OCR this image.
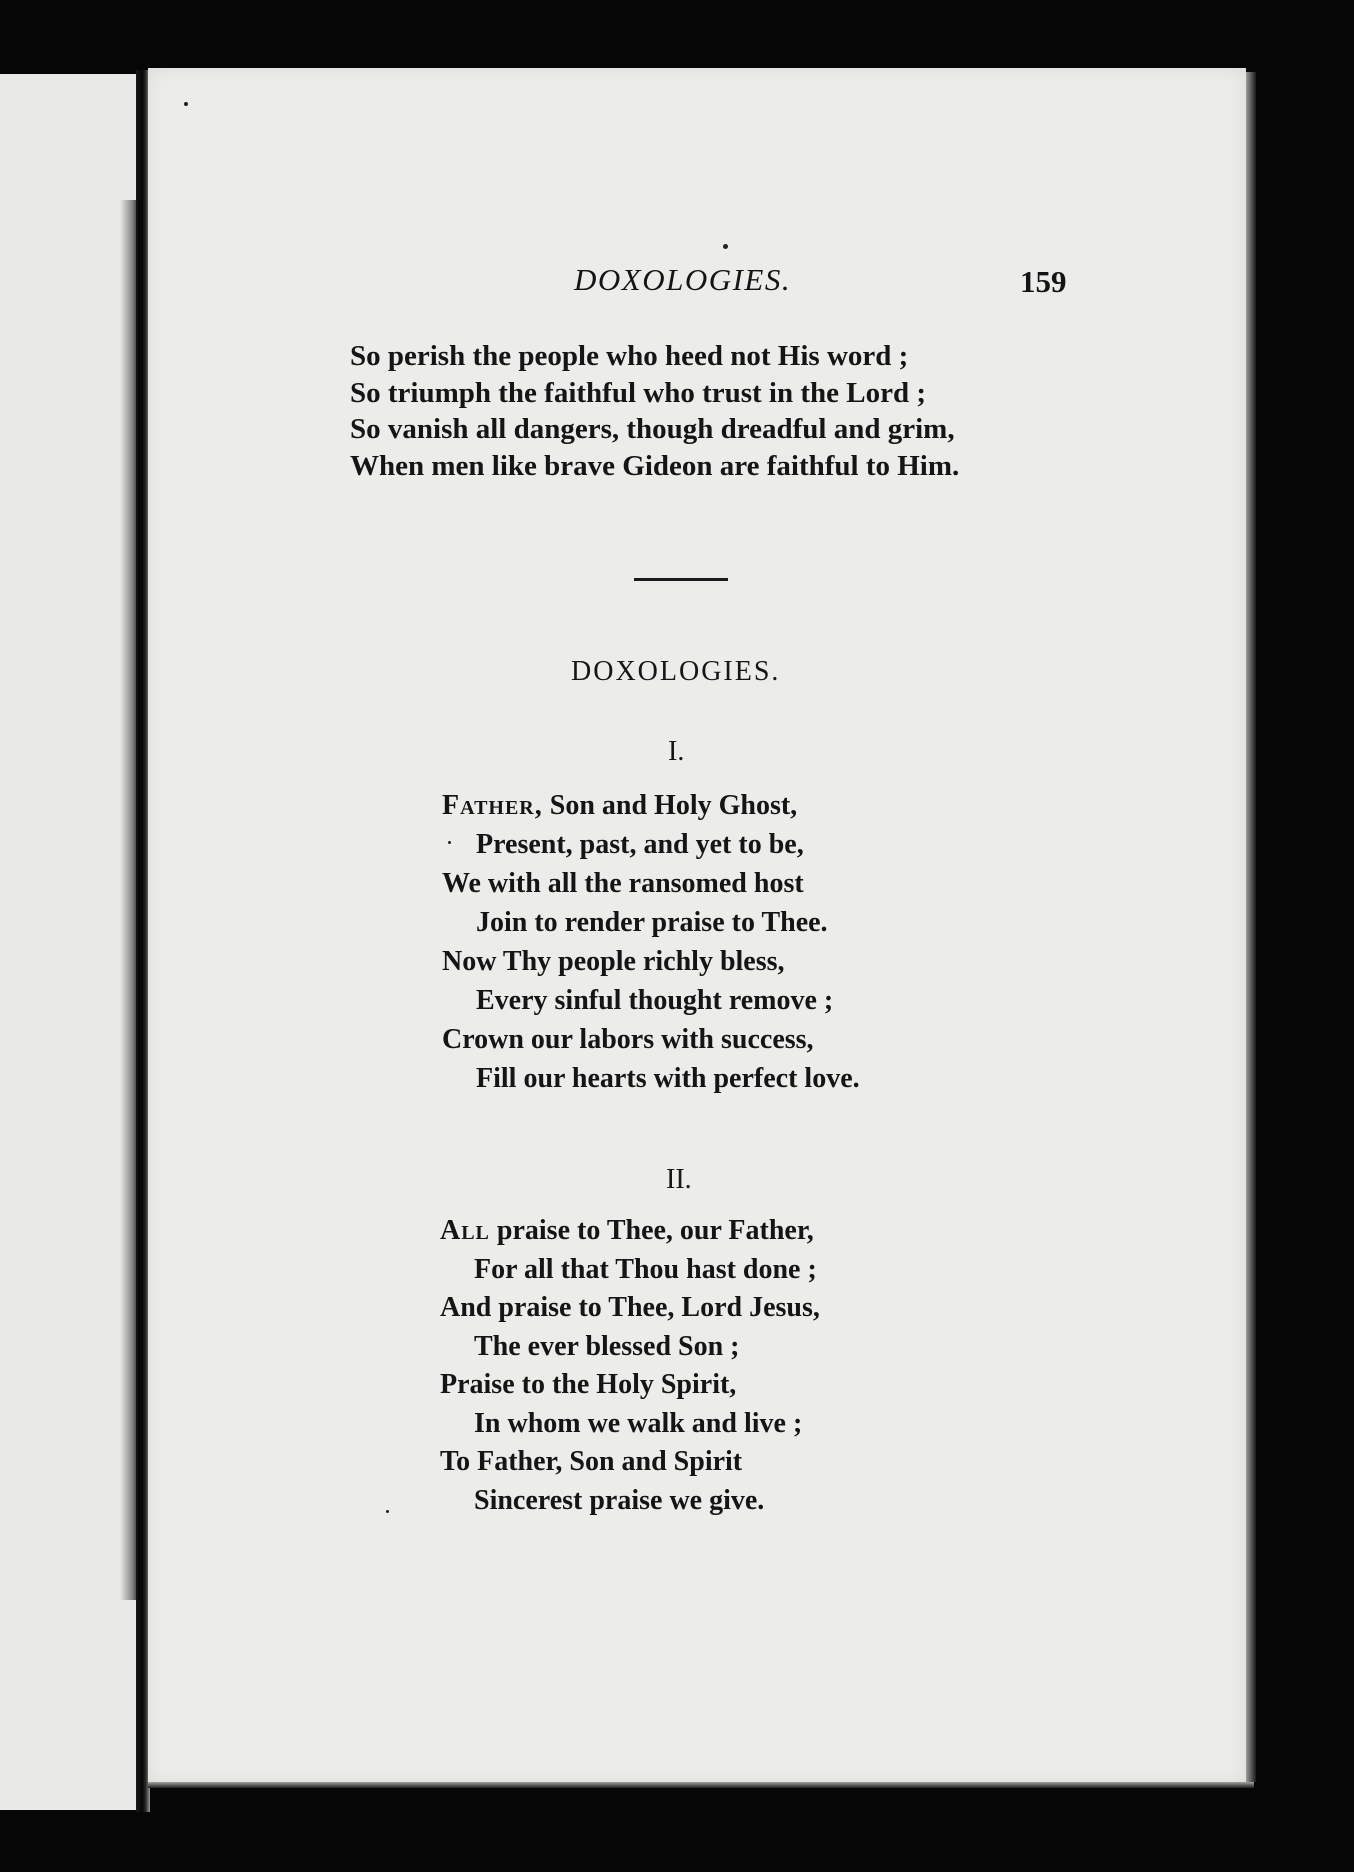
DOXOLOGIES.	159
So perish the people who heed not His word ;
So triumph the faithful who trust in the Lord ;
So vanish all dangers, though dreadful and grim,
When men like brave Gideon are faithful to Him.
DOXOLOGIES.
I.
Father, Son and Holy Ghost,
Present, past, and yet to be,
We with all the ransomed host
Join to render praise to Thee.
Now Thy people richly bless,
Every sinful thought remove ;
Crown our labors with success,
Fill our hearts with perfect love.
II.
All praise to Thee, our Father,
For all that Thou hast done ;
And praise to Thee, Lord Jesus,
The ever blessed Son ;
Praise to the Holy Spirit,
In whom we walk and live ;
To Father, Son and Spirit
Sincerest praise we give.
